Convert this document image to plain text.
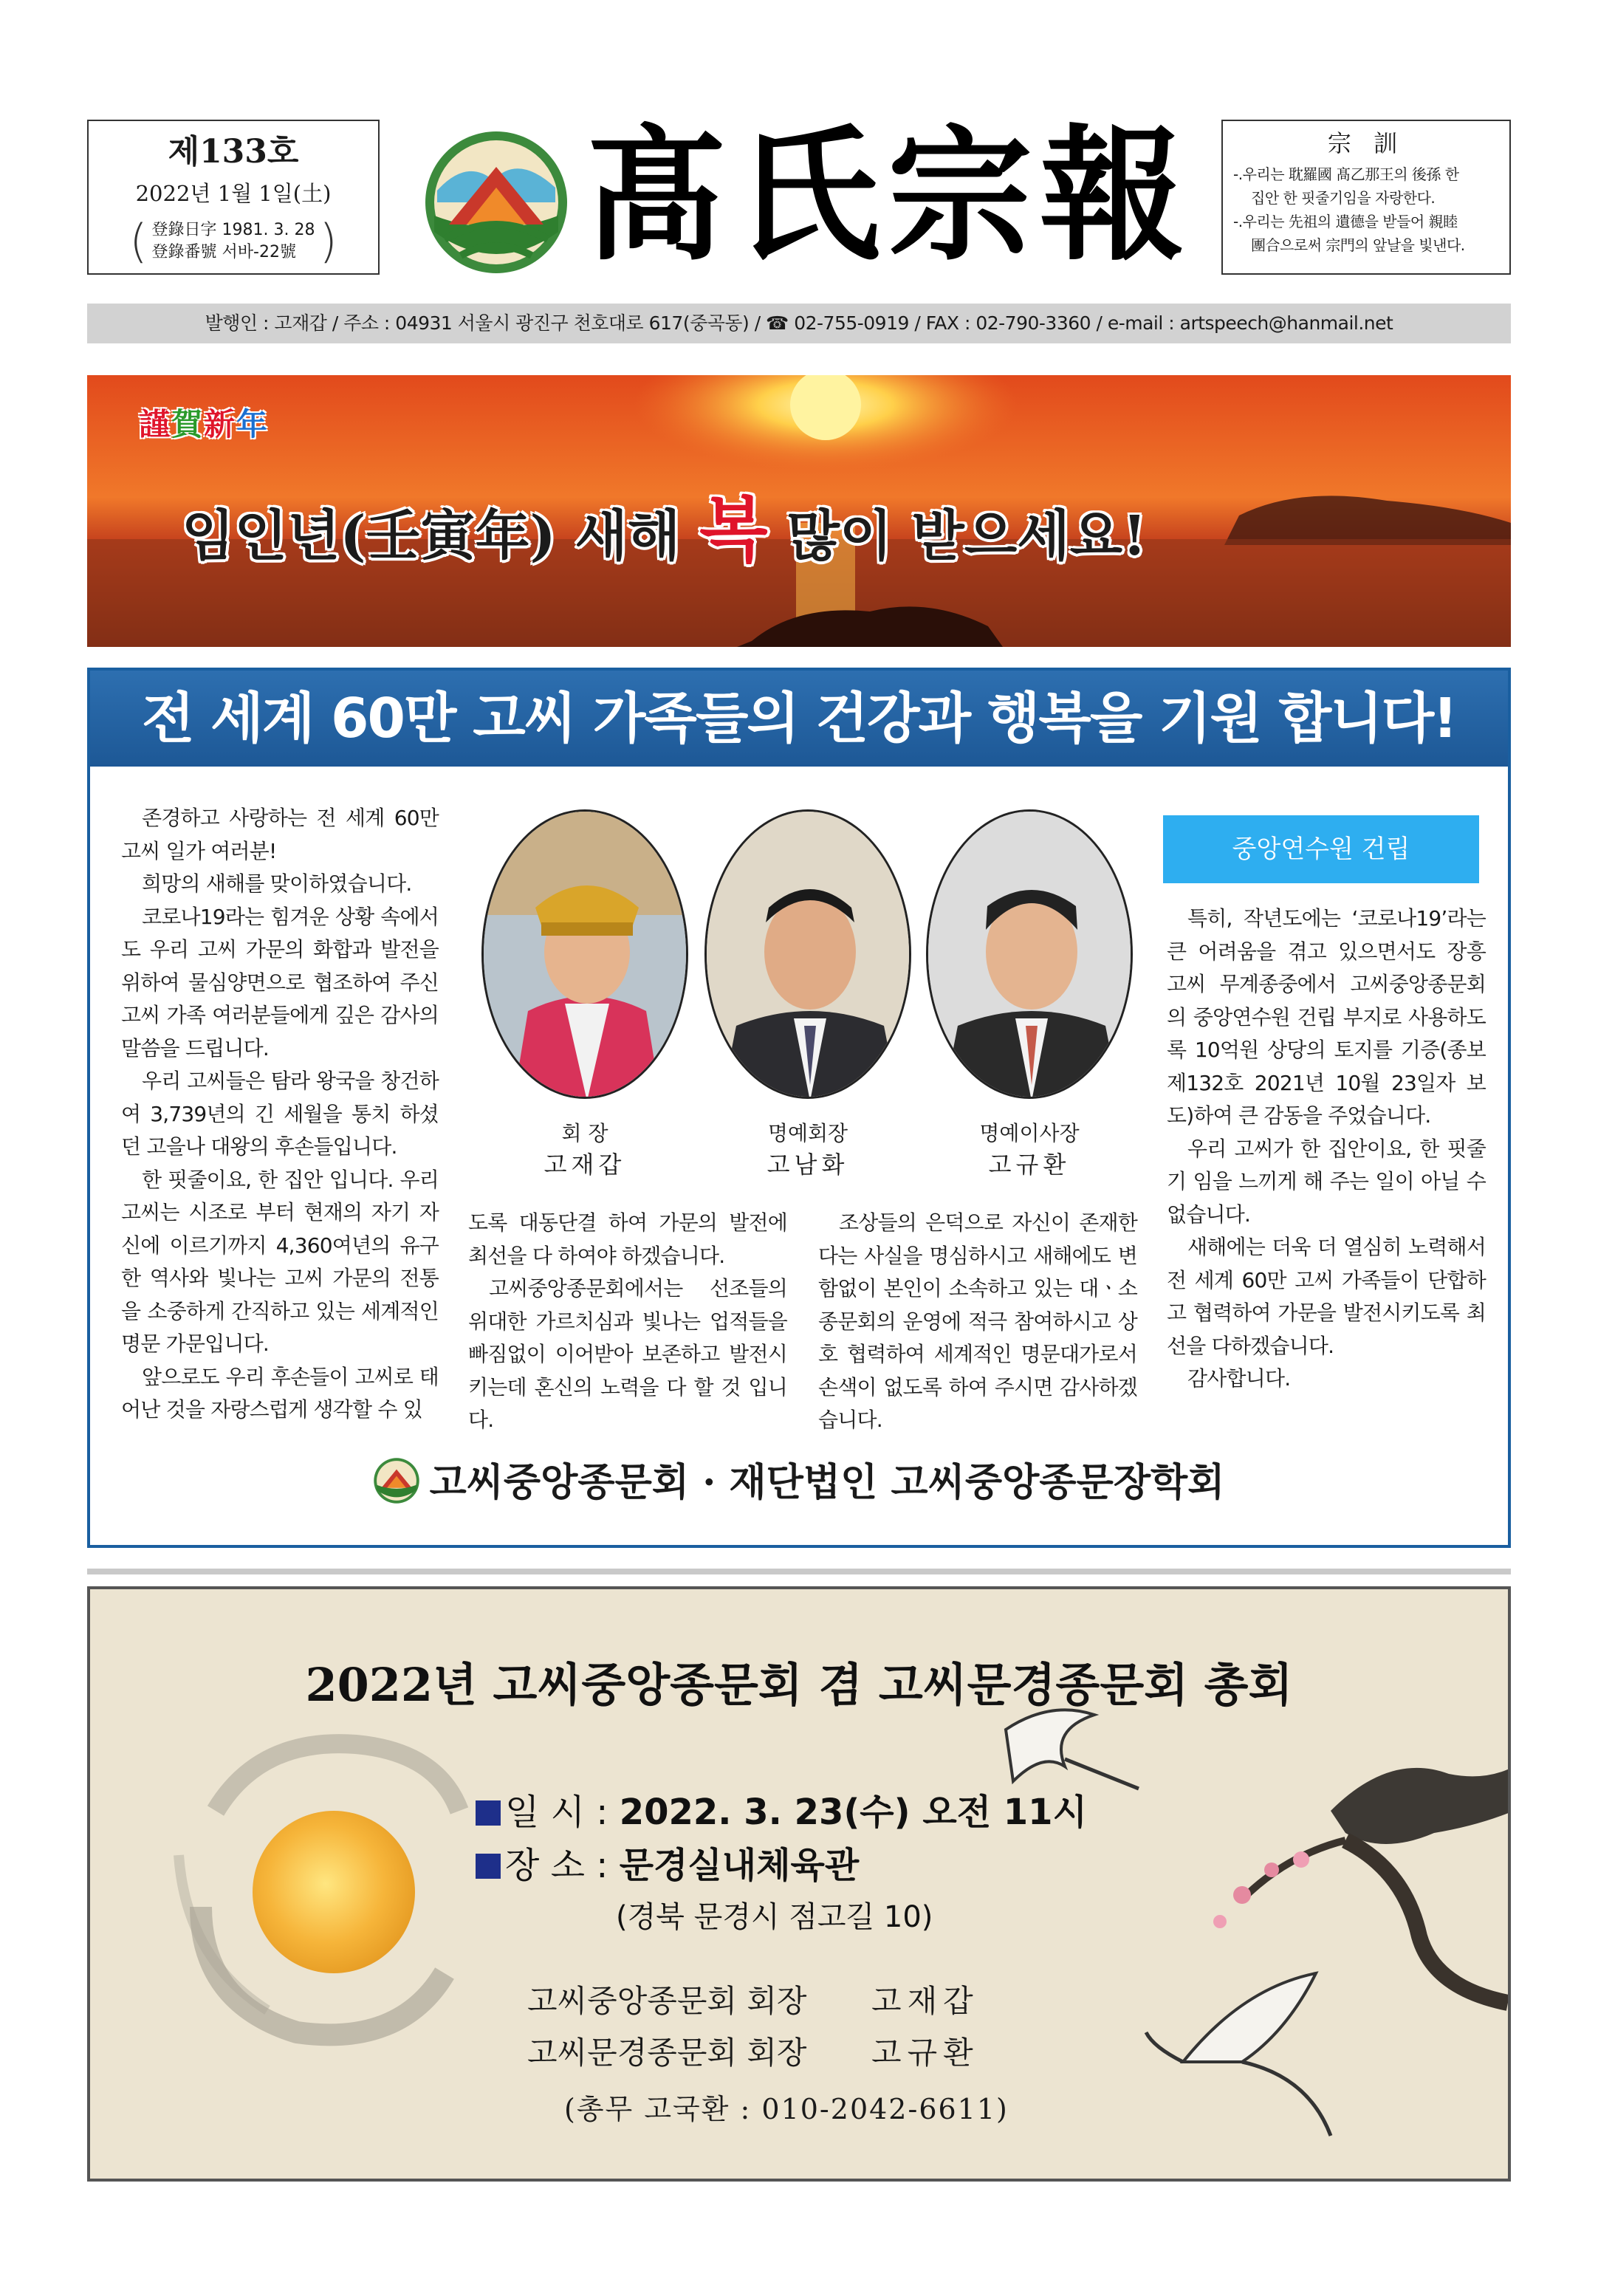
제133호
2022년 1월 1일(土)
( 登錄日字 1981. 3. 28
登錄番號 서바-22號 ) 髙氏宗報	宗 訓
-.우리는 耽羅國 髙乙那王의 後孫 한
집안 한 핏줄기임을 자랑한다.
-.우리는 先祖의 遺德을 받들어 親睦
團合으로써 宗門의 앞날을 빛낸다.
발행인 : 고재갑 / 주소 : 04931 서울시 광진구 천호대로 617(중곡동) / ☎ 02-755-0919 / FAX : 02-790-3360 / e-mail : artspeech@hanmail.net
謹賀新年
임인년(壬寅年) 새해 복 많이 받으세요!
전 세계 60만 고씨 가족들의 건강과 행복을 기원 합니다!

존경하고 사랑하는 전 세계 60만 고씨 일가 여러분!

희망의 새해를 맞이하였습니다.

코로나19라는 힘겨운 상황 속에서도 우리 고씨 가문의 화합과 발전을 위하여 물심양면으로 협조하여 주신 고씨 가족 여러분들에게 깊은 감사의 말씀을 드립니다.

우리 고씨들은 탐라 왕국을 창건하여 3,739년의 긴 세월을 통치 하셨던 고을나 대왕의 후손들입니다.

한 핏줄이요, 한 집안 입니다. 우리 고씨는 시조로 부터 현재의 자기 자신에 이르기까지 4,360여년의 유구한 역사와 빛나는 고씨 가문의 전통을 소중하게 간직하고 있는 세계적인 명문 가문입니다.

앞으로도 우리 후손들이 고씨로 태어난 것을 자랑스럽게 생각할 수 있

회 장
고재갑
명예회장
고남화
명예이사장
고규환

도록 대동단결 하여 가문의 발전에 최선을 다 하여야 하겠습니다.

고씨중앙종문회에서는 선조들의 위대한 가르치심과 빛나는 업적들을 빠짐없이 이어받아 보존하고 발전시키는데 혼신의 노력을 다 할 것 입니다.

조상들의 은덕으로 자신이 존재한다는 사실을 명심하시고 새해에도 변함없이 본인이 소속하고 있는 대ㆍ소 종문회의 운영에 적극 참여하시고 상호 협력하여 세계적인 명문대가로서 손색이 없도록 하여 주시면 감사하겠습니다.

중앙연수원 건립

특히, 작년도에는 ‘코로나19’라는 큰 어려움을 겪고 있으면서도 장흥 고씨 무계종중에서 고씨중앙종문회의 중앙연수원 건립 부지로 사용하도록 10억원 상당의 토지를 기증(종보 제132호 2021년 10월 23일자 보도)하여 큰 감동을 주었습니다.

우리 고씨가 한 집안이요, 한 핏줄기 임을 느끼게 해 주는 일이 아닐 수 없습니다.

새해에는 더욱 더 열심히 노력해서 전 세계 60만 고씨 가족들이 단합하고 협력하여 가문을 발전시키도록 최선을 다하겠습니다.

감사합니다.

고씨중앙종문회 · 재단법인 고씨중앙종문장학회
2022년 고씨중앙종문회 겸 고씨문경종문회 총회
일 시 : 2022. 3. 23(수) 오전 11시
장 소 : 문경실내체육관
(경북 문경시 점고길 10)
고씨중앙종문회 회장 고재갑
고씨문경종문회 회장 고규환
(총무 고국환 : 010-2042-6611)
